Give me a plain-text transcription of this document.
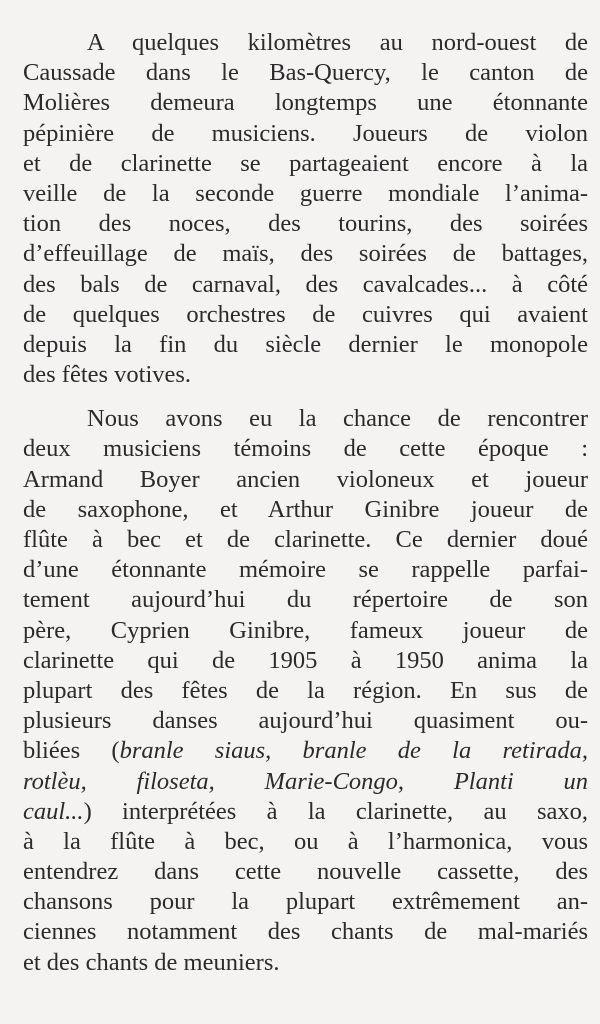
A quelques kilomètres au nord-ouest de
Caussade dans le Bas-Quercy, le canton de
Molières demeura longtemps une étonnante
pépinière de musiciens. Joueurs de violon
et de clarinette se partageaient encore à la
veille de la seconde guerre mondiale l’anima-
tion des noces, des tourins, des soirées
d’effeuillage de maïs, des soirées de battages,
des bals de carnaval, des cavalcades... à côté
de quelques orchestres de cuivres qui avaient
depuis la fin du siècle dernier le monopole
des fêtes votives.

Nous avons eu la chance de rencontrer
deux musiciens témoins de cette époque :
Armand Boyer ancien violoneux et joueur
de saxophone, et Arthur Ginibre joueur de
flûte à bec et de clarinette. Ce dernier doué
d’une étonnante mémoire se rappelle parfai-
tement aujourd’hui du répertoire de son
père, Cyprien Ginibre, fameux joueur de
clarinette qui de 1905 à 1950 anima la
plupart des fêtes de la région. En sus de
plusieurs danses aujourd’hui quasiment ou-
bliées (branle siaus, branle de la retirada,
rotlèu, filoseta, Marie-Congo, Planti un
caul...) interprétées à la clarinette, au saxo,
à la flûte à bec, ou à l’harmonica, vous
entendrez dans cette nouvelle cassette, des
chansons pour la plupart extrêmement an-
ciennes notamment des chants de mal-mariés
et des chants de meuniers.
